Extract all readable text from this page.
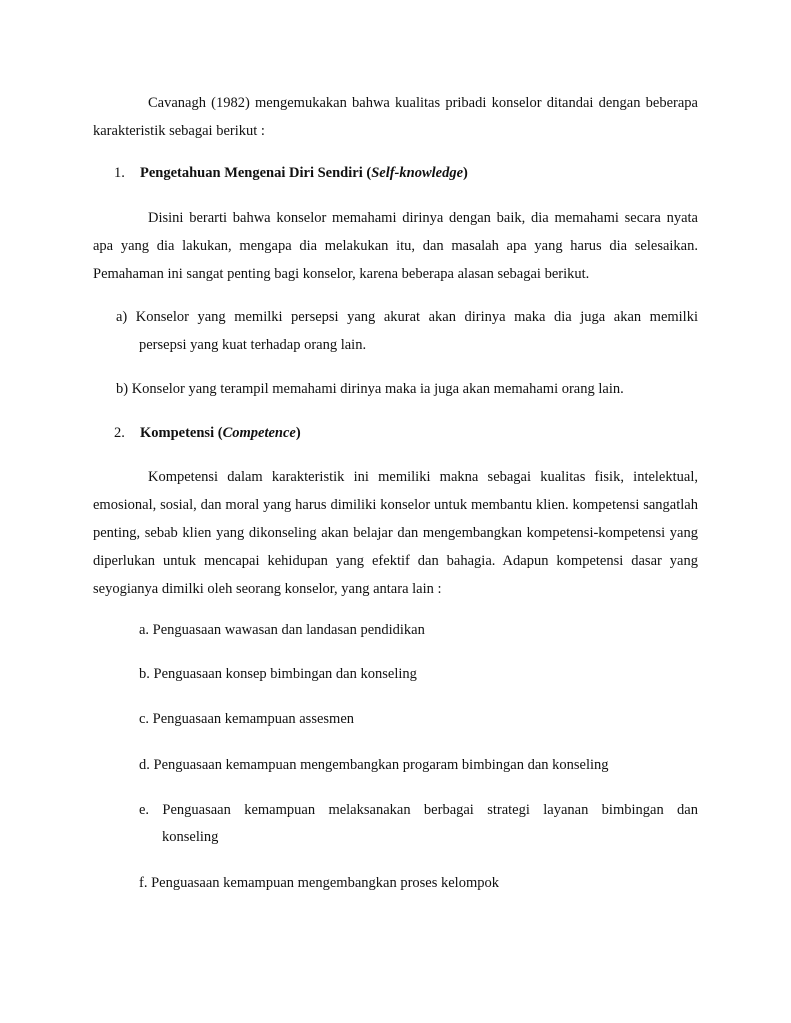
Cavanagh (1982) mengemukakan bahwa kualitas pribadi konselor ditandai dengan beberapa karakteristik sebagai berikut :

1. Pengetahuan Mengenai Diri Sendiri (Self-knowledge)

Disini berarti bahwa konselor memahami dirinya dengan baik, dia memahami secara nyata apa yang dia lakukan, mengapa dia melakukan itu, dan masalah apa yang harus dia selesaikan. Pemahaman ini sangat penting bagi konselor, karena beberapa alasan sebagai berikut.

a) Konselor yang memilki persepsi yang akurat akan dirinya maka dia juga akan memilki

persepsi yang kuat terhadap orang lain.

b) Konselor yang terampil memahami dirinya maka ia juga akan memahami orang lain.

2. Kompetensi (Competence)

Kompetensi dalam karakteristik ini memiliki makna sebagai kualitas fisik, intelektual, emosional, sosial, dan moral yang harus dimiliki konselor untuk membantu klien. kompetensi sangatlah penting, sebab klien yang dikonseling akan belajar dan mengembangkan kompetensi-kompetensi yang diperlukan untuk mencapai kehidupan yang efektif dan bahagia. Adapun kompetensi dasar yang seyogianya dimilki oleh seorang konselor, yang antara lain :

a. Penguasaan wawasan dan landasan pendidikan

b. Penguasaan konsep bimbingan dan konseling

c. Penguasaan kemampuan assesmen

d. Penguasaan kemampuan mengembangkan progаram bimbingan dan konseling

e. Penguasaan kemampuan melaksanakan berbagai strategi layanan bimbingan dan

konseling

f. Penguasaan kemampuan mengembangkan proses kelompok
